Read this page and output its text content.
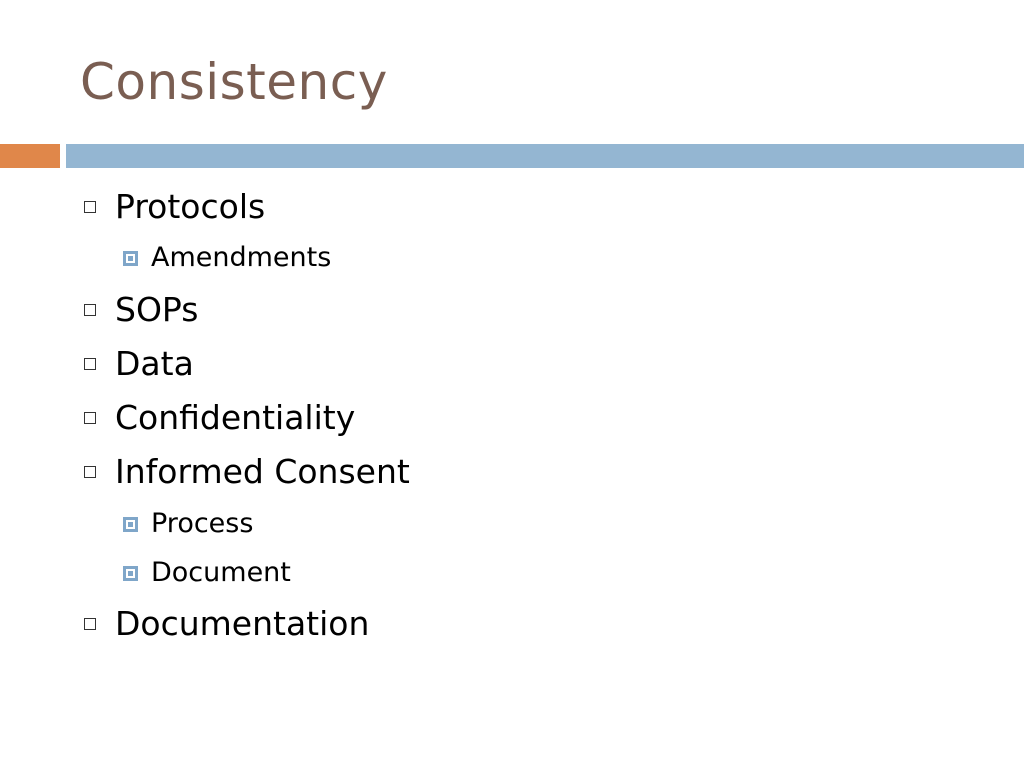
Consistency
Protocols
Amendments
SOPs
Data
Confidentiality
Informed Consent
Process
Document
Documentation
